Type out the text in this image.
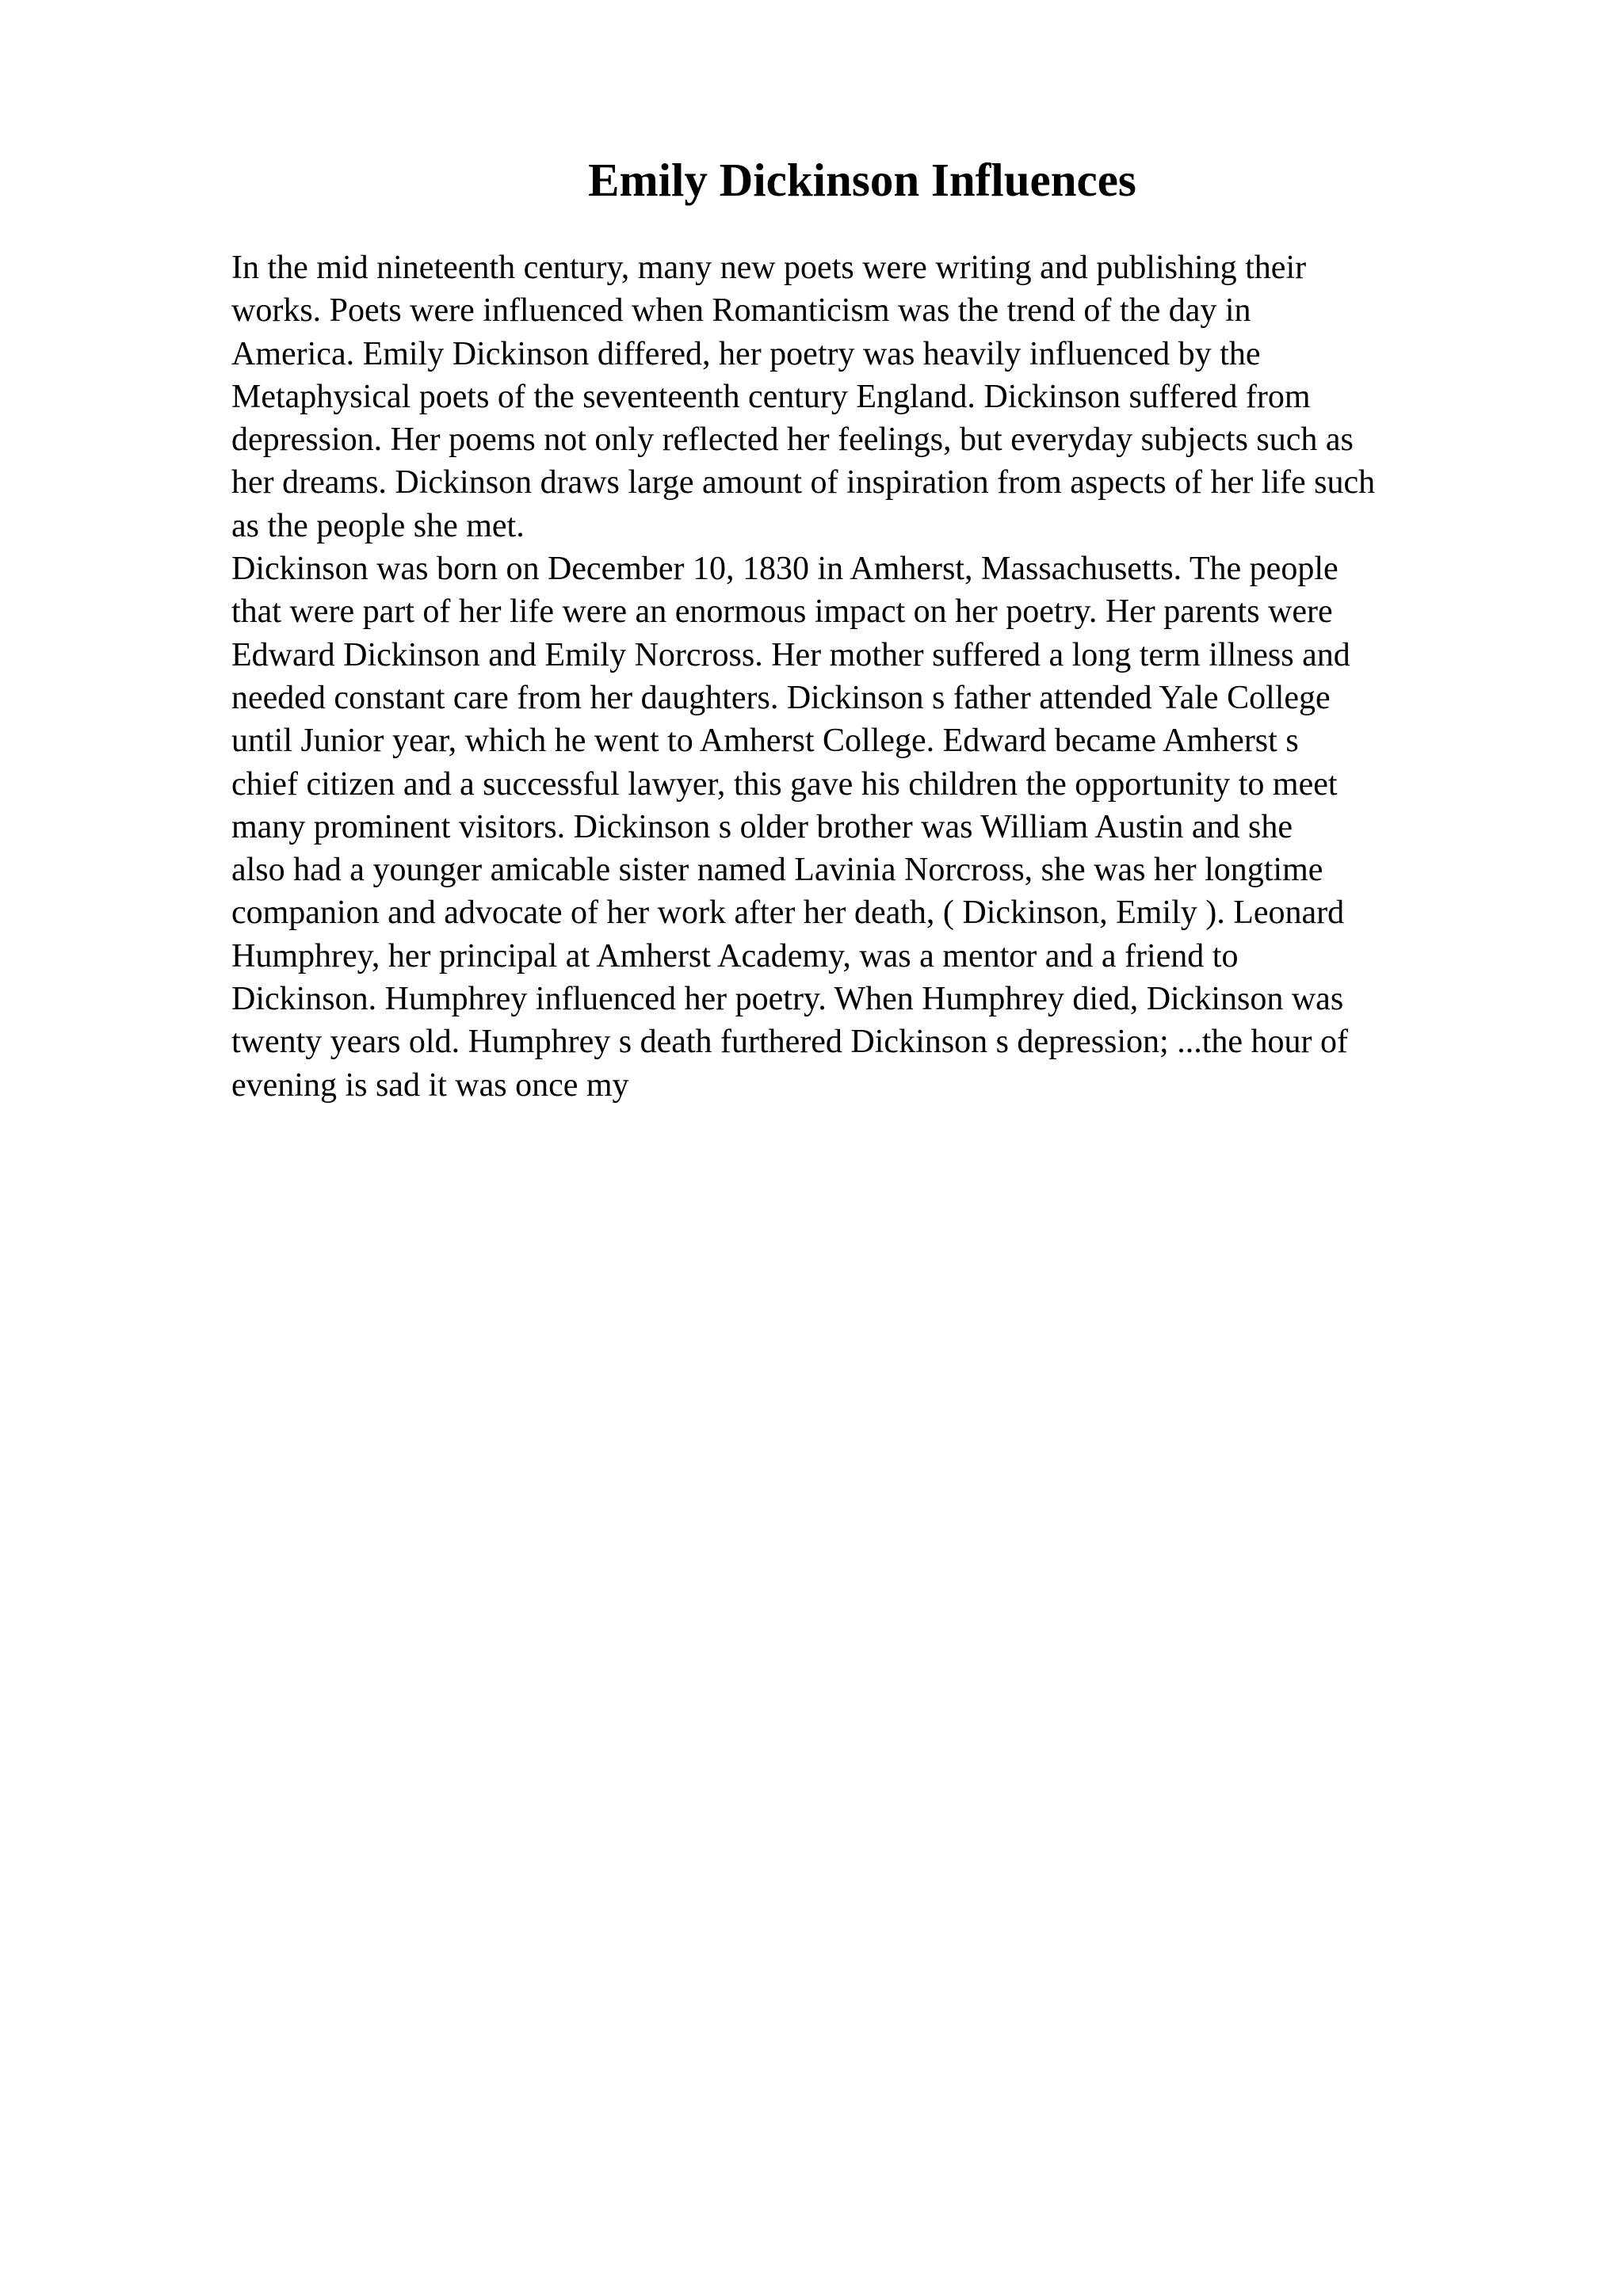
Emily Dickinson Influences
In the mid nineteenth century, many new poets were writing and publishing their
works. Poets were influenced when Romanticism was the trend of the day in
America. Emily Dickinson differed, her poetry was heavily influenced by the
Metaphysical poets of the seventeenth century England. Dickinson suffered from
depression. Her poems not only reflected her feelings, but everyday subjects such as
her dreams. Dickinson draws large amount of inspiration from aspects of her life such
as the people she met.
Dickinson was born on December 10, 1830 in Amherst, Massachusetts. The people
that were part of her life were an enormous impact on her poetry. Her parents were
Edward Dickinson and Emily Norcross. Her mother suffered a long term illness and
needed constant care from her daughters. Dickinson s father attended Yale College
until Junior year, which he went to Amherst College. Edward became Amherst s
chief citizen and a successful lawyer, this gave his children the opportunity to meet
many prominent visitors. Dickinson s older brother was William Austin and she
also had a younger amicable sister named Lavinia Norcross, she was her longtime
companion and advocate of her work after her death, ( Dickinson, Emily ). Leonard
Humphrey, her principal at Amherst Academy, was a mentor and a friend to
Dickinson. Humphrey influenced her poetry. When Humphrey died, Dickinson was
twenty years old. Humphrey s death furthered Dickinson s depression; ...the hour of
evening is sad it was once my
